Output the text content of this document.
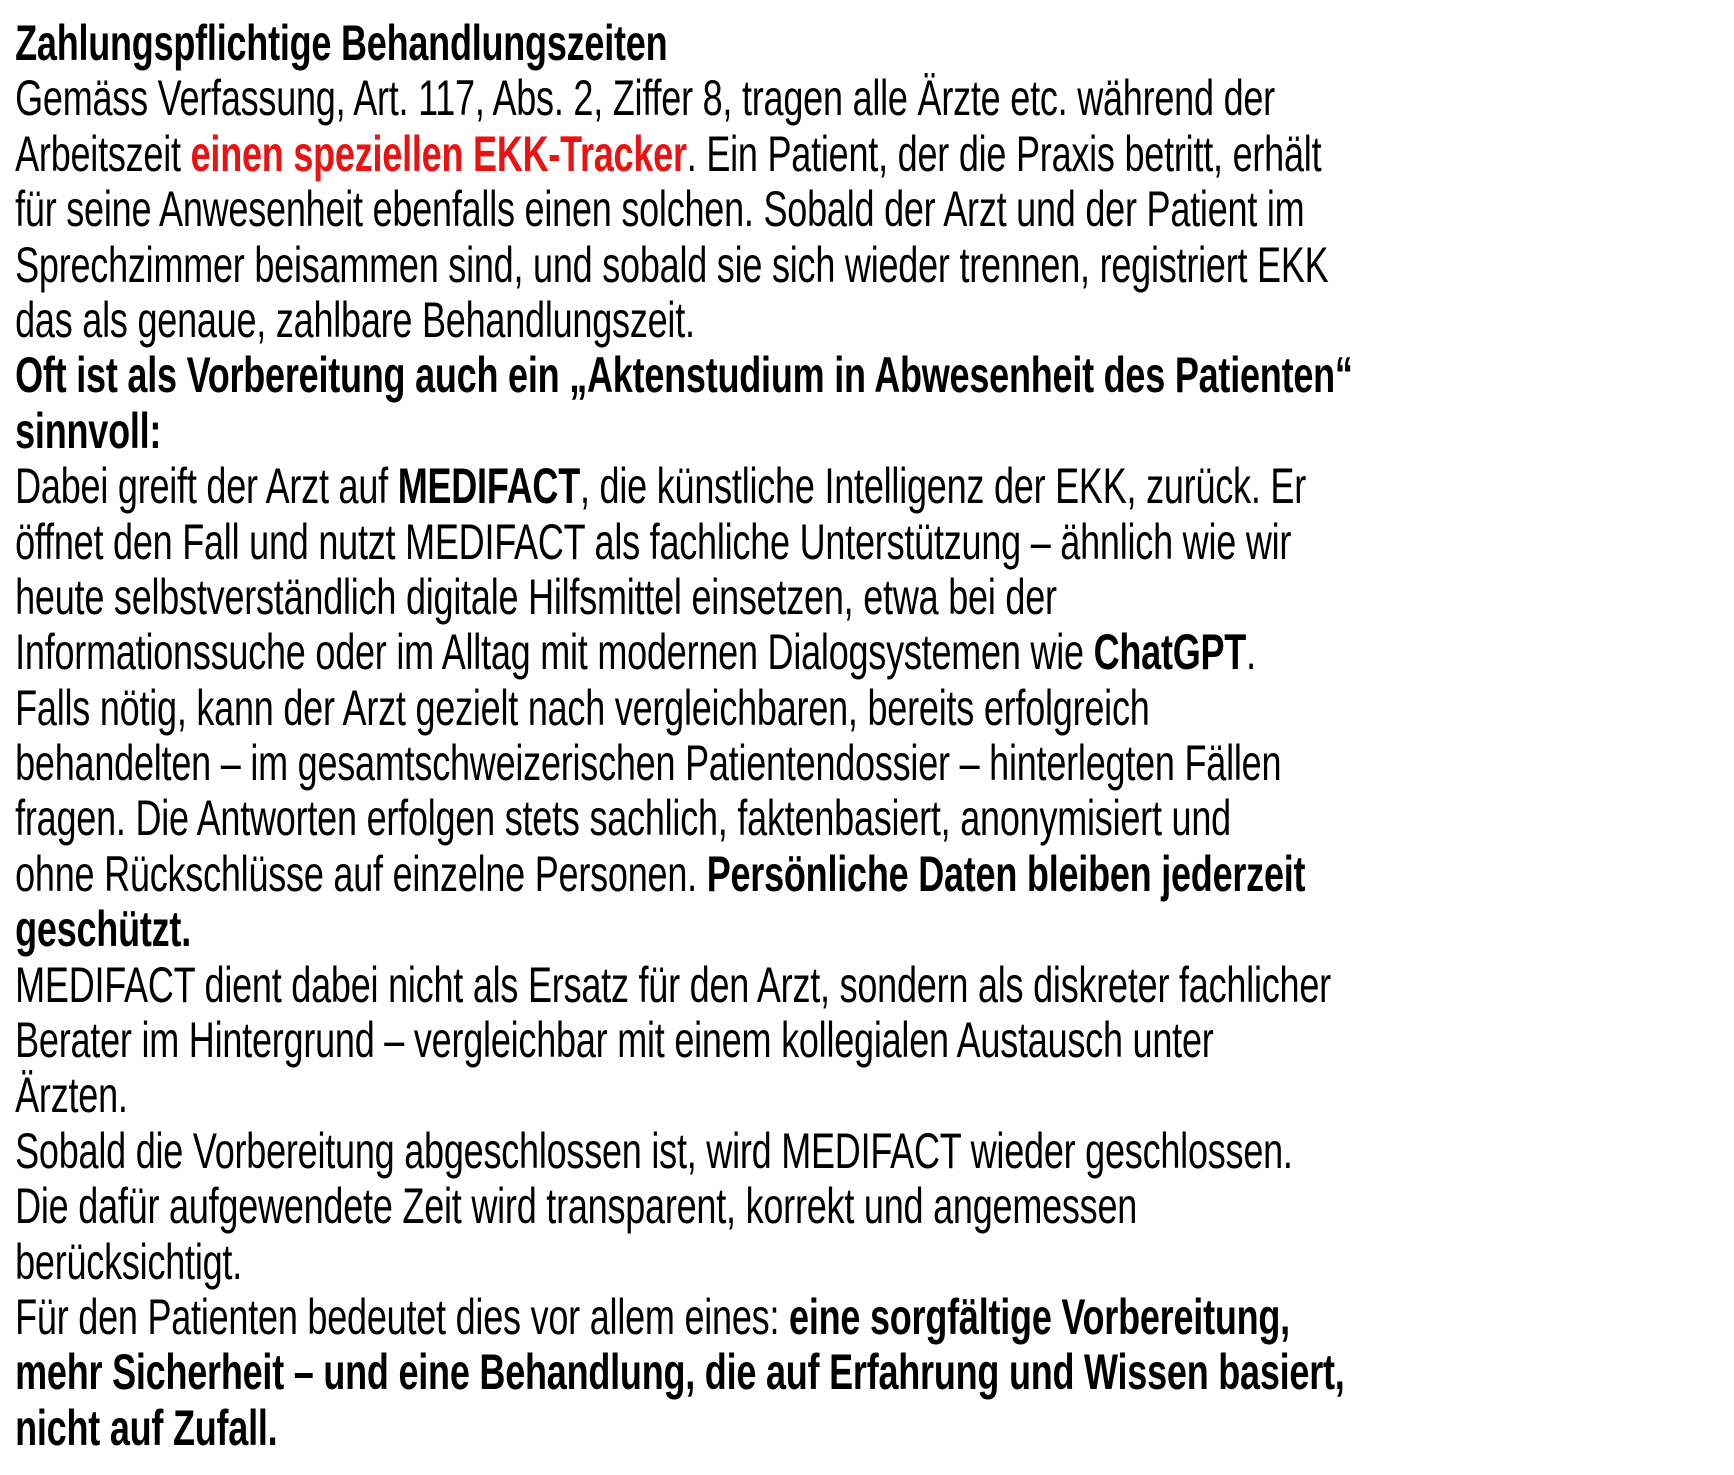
Zahlungspflichtige Behandlungszeiten
Gemäss Verfassung, Art. 117, Abs. 2, Ziffer 8, tragen alle Ärzte etc. während der
Arbeitszeit einen speziellen EKK-Tracker. Ein Patient, der die Praxis betritt, erhält
für seine Anwesenheit ebenfalls einen solchen. Sobald der Arzt und der Patient im
Sprechzimmer beisammen sind, und sobald sie sich wieder trennen, registriert EKK
das als genaue, zahlbare Behandlungszeit.
Oft ist als Vorbereitung auch ein „Aktenstudium in Abwesenheit des Patienten“
sinnvoll:
Dabei greift der Arzt auf MEDIFACT, die künstliche Intelligenz der EKK, zurück. Er
öffnet den Fall und nutzt MEDIFACT als fachliche Unterstützung – ähnlich wie wir
heute selbstverständlich digitale Hilfsmittel einsetzen, etwa bei der
Informationssuche oder im Alltag mit modernen Dialogsystemen wie ChatGPT.
Falls nötig, kann der Arzt gezielt nach vergleichbaren, bereits erfolgreich
behandelten – im gesamtschweizerischen Patientendossier – hinterlegten Fällen
fragen. Die Antworten erfolgen stets sachlich, faktenbasiert, anonymisiert und
ohne Rückschlüsse auf einzelne Personen. Persönliche Daten bleiben jederzeit
geschützt.
MEDIFACT dient dabei nicht als Ersatz für den Arzt, sondern als diskreter fachlicher
Berater im Hintergrund – vergleichbar mit einem kollegialen Austausch unter
Ärzten.
Sobald die Vorbereitung abgeschlossen ist, wird MEDIFACT wieder geschlossen.
Die dafür aufgewendete Zeit wird transparent, korrekt und angemessen
berücksichtigt.
Für den Patienten bedeutet dies vor allem eines: eine sorgfältige Vorbereitung,
mehr Sicherheit – und eine Behandlung, die auf Erfahrung und Wissen basiert,
nicht auf Zufall.
